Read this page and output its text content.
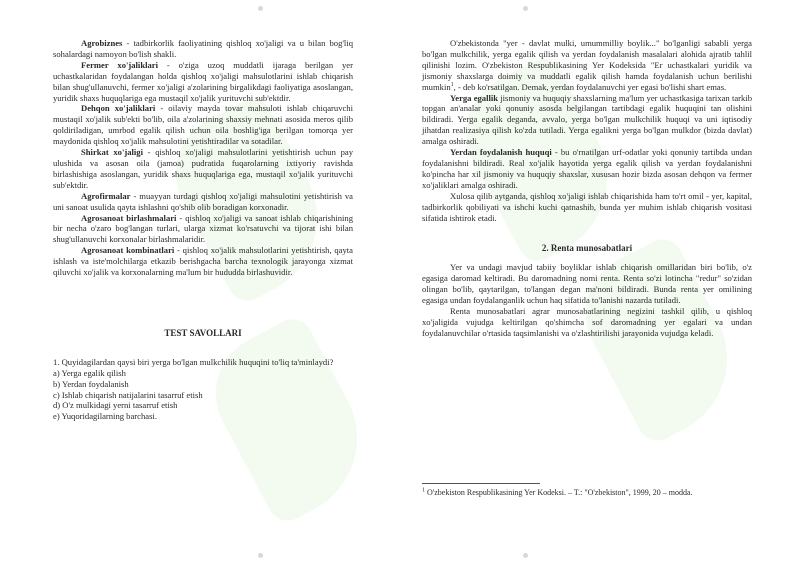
Agrobiznes - tadbirkorlik faoliyatining qishloq xo'jaligi va u bilan bog'liq sohalardagi namoyon bo'lish shakli.

Fermer xo'jaliklari - o'ziga uzoq muddatli ijaraga berilgan yer uchastkalaridan foydalangan holda qishloq xo'jaligi mahsulotlarini ishlab chiqarish bilan shug'ullanuvchi, fermer xo'jaligi a'zolarining birgalikdagi faoliyatiga asoslangan, yuridik shaxs huquqlariga ega mustaqil xo'jalik yurituvchi sub'ektdir.

Dehqon xo'jaliklari - oilaviy mayda tovar mahsuloti ishlab chiqaruvchi mustaqil xo'jalik sub'ekti bo'lib, oila a'zolarining shaxsiy mehnati asosida meros qilib qoldiriladigan, umrbod egalik qilish uchun oila boshlig'iga berilgan tomorqa yer maydonida qishloq xo'jalik mahsulotini yetishtiradilar va sotadilar.

Shirkat xo'jaligi - qishloq xo'jaligi mahsulotlarini yetishtirish uchun pay ulushida va asosan oila (jamoa) pudratida fuqarolarning ixtiyoriy ravishda birlashishiga asoslangan, yuridik shaxs huquqlariga ega, mustaqil xo'jalik yurituvchi sub'ektdir.

Agrofirmalar - muayyan turdagi qishloq xo'jaligi mahsulotini yetishtirish va uni sanoat usulida qayta ishlashni qo'shib olib boradigan korxonadir.

Agrosanoat birlashmalari - qishloq xo'jaligi va sanoat ishlab chiqarishining bir necha o'zaro bog'langan turlari, ularga xizmat ko'rsatuvchi va tijorat ishi bilan shug'ullanuvchi korxonalar birlashmalaridir.

Agrosanoat kombinatlari - qishloq xo'jalik mahsulotlarini yetishtirish, qayta ishlash va iste'molchilarga etkazib berishgacha barcha texnologik jarayonga xizmat qiluvchi xo'jalik va korxonalarning ma'lum bir hududda birlashuvidir.

TEST SAVOLLARI

1. Quyidagilardan qaysi biri yerga bo'lgan mulkchilik huquqini to'liq ta'minlaydi?

a) Yerga egalik qilish

b) Yerdan foydalanish

c) Ishlab chiqarish natijalarini tasarruf etish

d) O'z mulkidagi yerni tasarruf etish

e) Yuqoridagilarning barchasi.

O'zbekistonda "yer - davlat mulki, umummilliy boylik..." bo'lganligi sababli yerga bo'lgan mulkchilik, yerga egalik qilish va yerdan foydalanish masalalari alohida ajratib tahlil qilinishi lozim. O'zbekiston Respublikasining Yer Kodeksida "Er uchastkalari yuridik va jismoniy shaxslarga doimiy va muddatli egalik qilish hamda foydalanish uchun berilishi mumkin$^1$, - deb ko'rsatilgan. Demak, yerdan foydalanuvchi yer egasi bo'lishi shart emas.

Yerga egallik jismoniy va huquqiy shaxslarning ma'lum yer uchastkasiga tarixan tarkib topgan an'analar yoki qonuniy asosda belgilangan tartibdagi egalik huquqini tan olishini bildiradi. Yerga egalik deganda, avvalo, yerga bo'lgan mulkchilik huquqi va uni iqtisodiy jihatdan realizasiya qilish ko'zda tutiladi. Yerga egalikni yerga bo'lgan mulkdor (bizda davlat) amalga oshiradi.

Yerdan foydalanish huquqi - bu o'rnatilgan urf-odatlar yoki qonuniy tartibda undan foydalanishni bildiradi. Real xo'jalik hayotida yerga egalik qilish va yerdan foydalanishni ko'pincha har xil jismoniy va huquqiy shaxslar, xususan hozir bizda asosan dehqon va fermer xo'jaliklari amalga oshiradi.

Xulosa qilib aytganda, qishloq xo'jaligi ishlab chiqarishida ham to'rt omil - yer, kapital, tadbirkorlik qobiliyati va ishchi kuchi qatnashib, bunda yer muhim ishlab chiqarish vositasi sifatida ishtirok etadi.

2. Renta munosabatlari

Yer va undagi mavjud tabiiy boyliklar ishlab chiqarish omillaridan biri bo'lib, o'z egasiga daromad keltiradi. Bu daromadning nomi renta. Renta so'zi lotincha "redur" so'zidan olingan bo'lib, qaytarilgan, to'langan degan ma'noni bildiradi. Bunda renta yer omilining egasiga undan foydalanganlik uchun haq sifatida to'lanishi nazarda tutiladi.

Renta munosabatlari agrar munosabatlarining negizini tashkil qilib, u qishloq xo'jaligida vujudga keltirilgan qo'shimcha sof daromadning yer egalari va undan foydalanuvchilar o'rtasida taqsimlanishi va o'zlashtirilishi jarayonida vujudga keladi.

$^1$ O'zbekiston Respublikasining Yer Kodeksi. – T.: "O'zbekiston", 1999, 20 – modda.
